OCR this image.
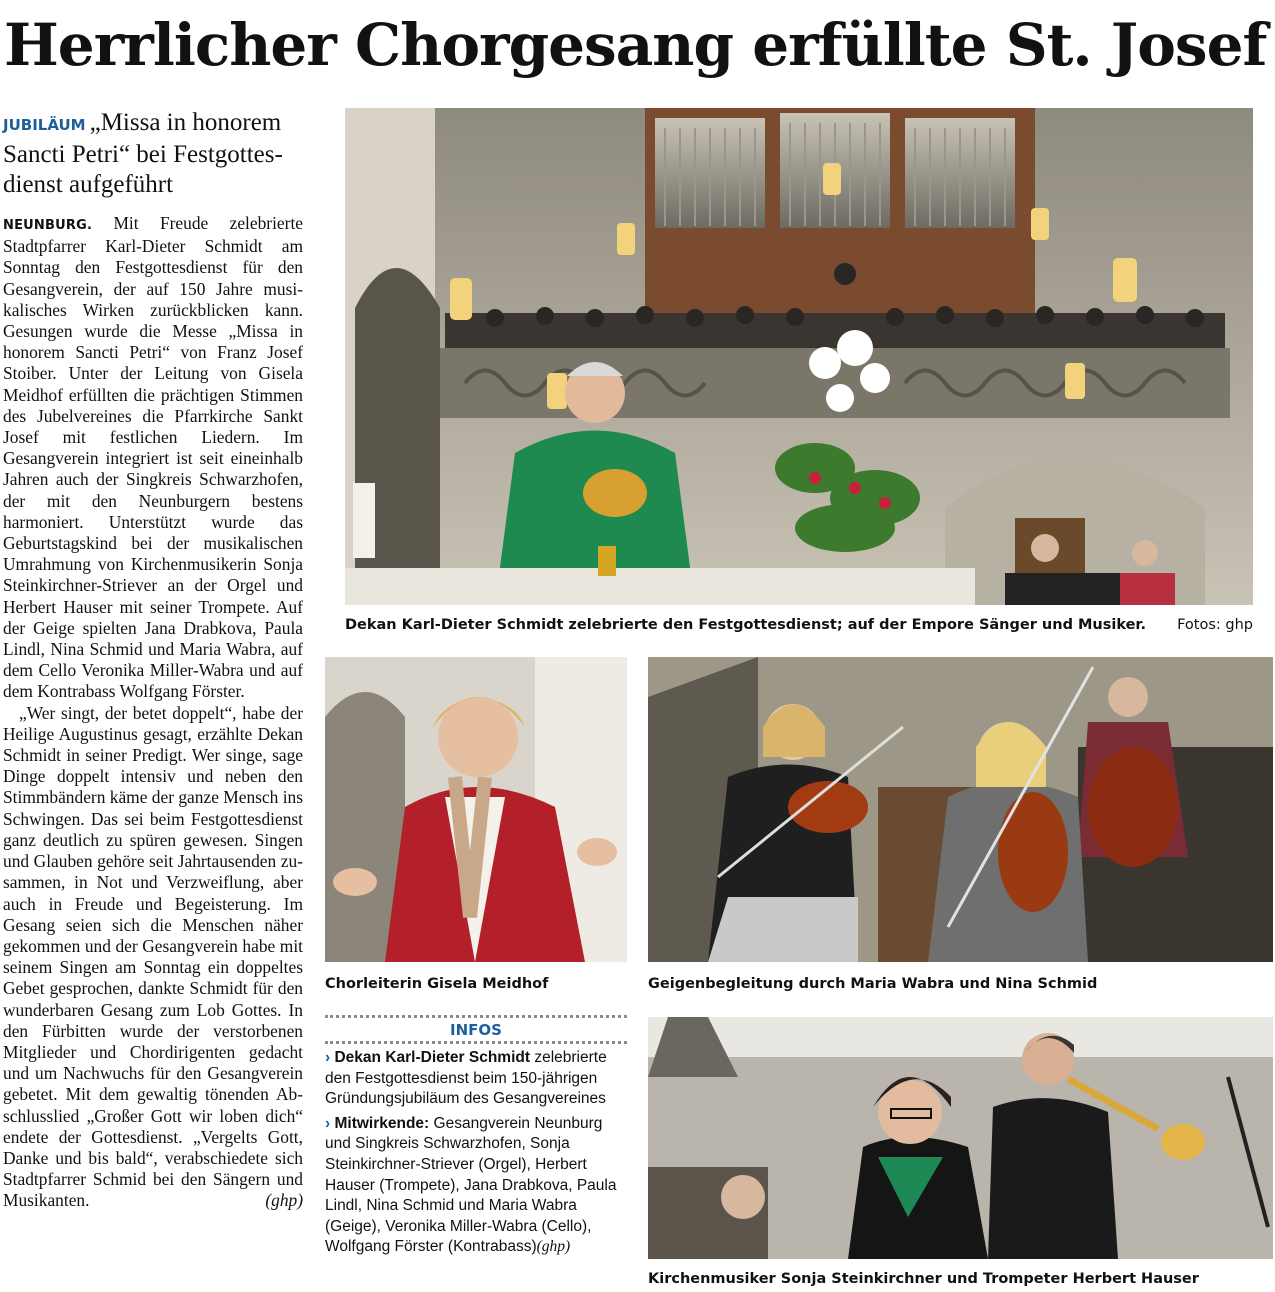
Herrlicher Chorgesang erfüllte St. Josef
JUBILÄUM „Missa in honorem Sancti Petri“ bei Festgottesdienst aufgeführt

NEUNBURG. Mit Freude zelebrierte Stadtpfarrer Karl-Dieter Schmidt am Sonntag den Festgottesdienst für den Gesangverein, der auf 150 Jahre musikalisches Wirken zurückblicken kann. Gesungen wurde die Messe „Missa in honorem Sancti Petri“ von Franz Josef Stoiber. Unter der Leitung von Gisela Meidhof erfüllten die prächtigen Stimmen des Jubelvereines die Pfarrkirche Sankt Josef mit festlichen Liedern. Im Gesangverein integriert ist seit eineinhalb Jahren auch der Singkreis Schwarzhofen, der mit den Neunburgern bestens harmoniert. Unterstützt wurde das Geburtstagskind bei der musikalischen Umrahmung von Kirchenmusikerin Sonja Steinkirchner-Striever an der Orgel und Herbert Hauser mit seiner Trompete. Auf der Geige spielten Jana Drabkova, Paula Lindl, Nina Schmid und Maria Wabra, auf dem Cello Veronika Miller-Wabra und auf dem Kontrabass Wolfgang Förster.

„Wer singt, der betet doppelt“, habe der Heilige Augustinus gesagt, erzählte Dekan Schmidt in seiner Predigt. Wer singe, sage Dinge doppelt intensiv und neben den Stimmbändern käme der ganze Mensch ins Schwingen. Das sei beim Festgottesdienst ganz deutlich zu spüren gewesen. Singen und Glauben gehöre seit Jahrtausenden zusammen, in Not und Verzweiflung, aber auch in Freude und Begeisterung. Im Gesang seien sich die Menschen näher gekommen und der Gesangverein habe mit seinem Singen am Sonntag ein doppeltes Gebet gesprochen, dankte Schmidt für den wunderbaren Gesang zum Lob Gottes. In den Fürbitten wurde der verstorbenen Mitglieder und Chordirigenten gedacht und um Nachwuchs für den Gesangverein gebetet. Mit dem gewaltig tönenden Abschlusslied „Großer Gott wir loben dich“ endete der Gottesdienst. „Vergelts Gott, Danke und bis bald“, verabschiedete sich Stadtpfarrer Schmid bei den Sängern und Musikanten.	(ghp)

Dekan Karl-Dieter Schmidt zelebrierte den Festgottesdienst; auf der Empore Sänger und Musiker. Fotos: ghp
Chorleiterin Gisela Meidhof	Geigenbegleitung durch Maria Wabra und Nina Schmid
INFOS
› Dekan Karl-Dieter Schmidt zelebrierte den Festgottesdienst beim 150-jährigen Gründungsjubiläum des Gesangvereines
› Mitwirkende: Gesangverein Neunburg und Singkreis Schwarzhofen, Sonja Steinkirchner-Striever (Orgel), Herbert Hauser (Trompete), Jana Drabkova, Paula Lindl, Nina Schmid und Maria Wabra (Geige), Veronika Miller-Wabra (Cello), Wolfgang Förster (Kontrabass)(ghp)
Kirchenmusiker Sonja Steinkirchner und Trompeter Herbert Hauser
